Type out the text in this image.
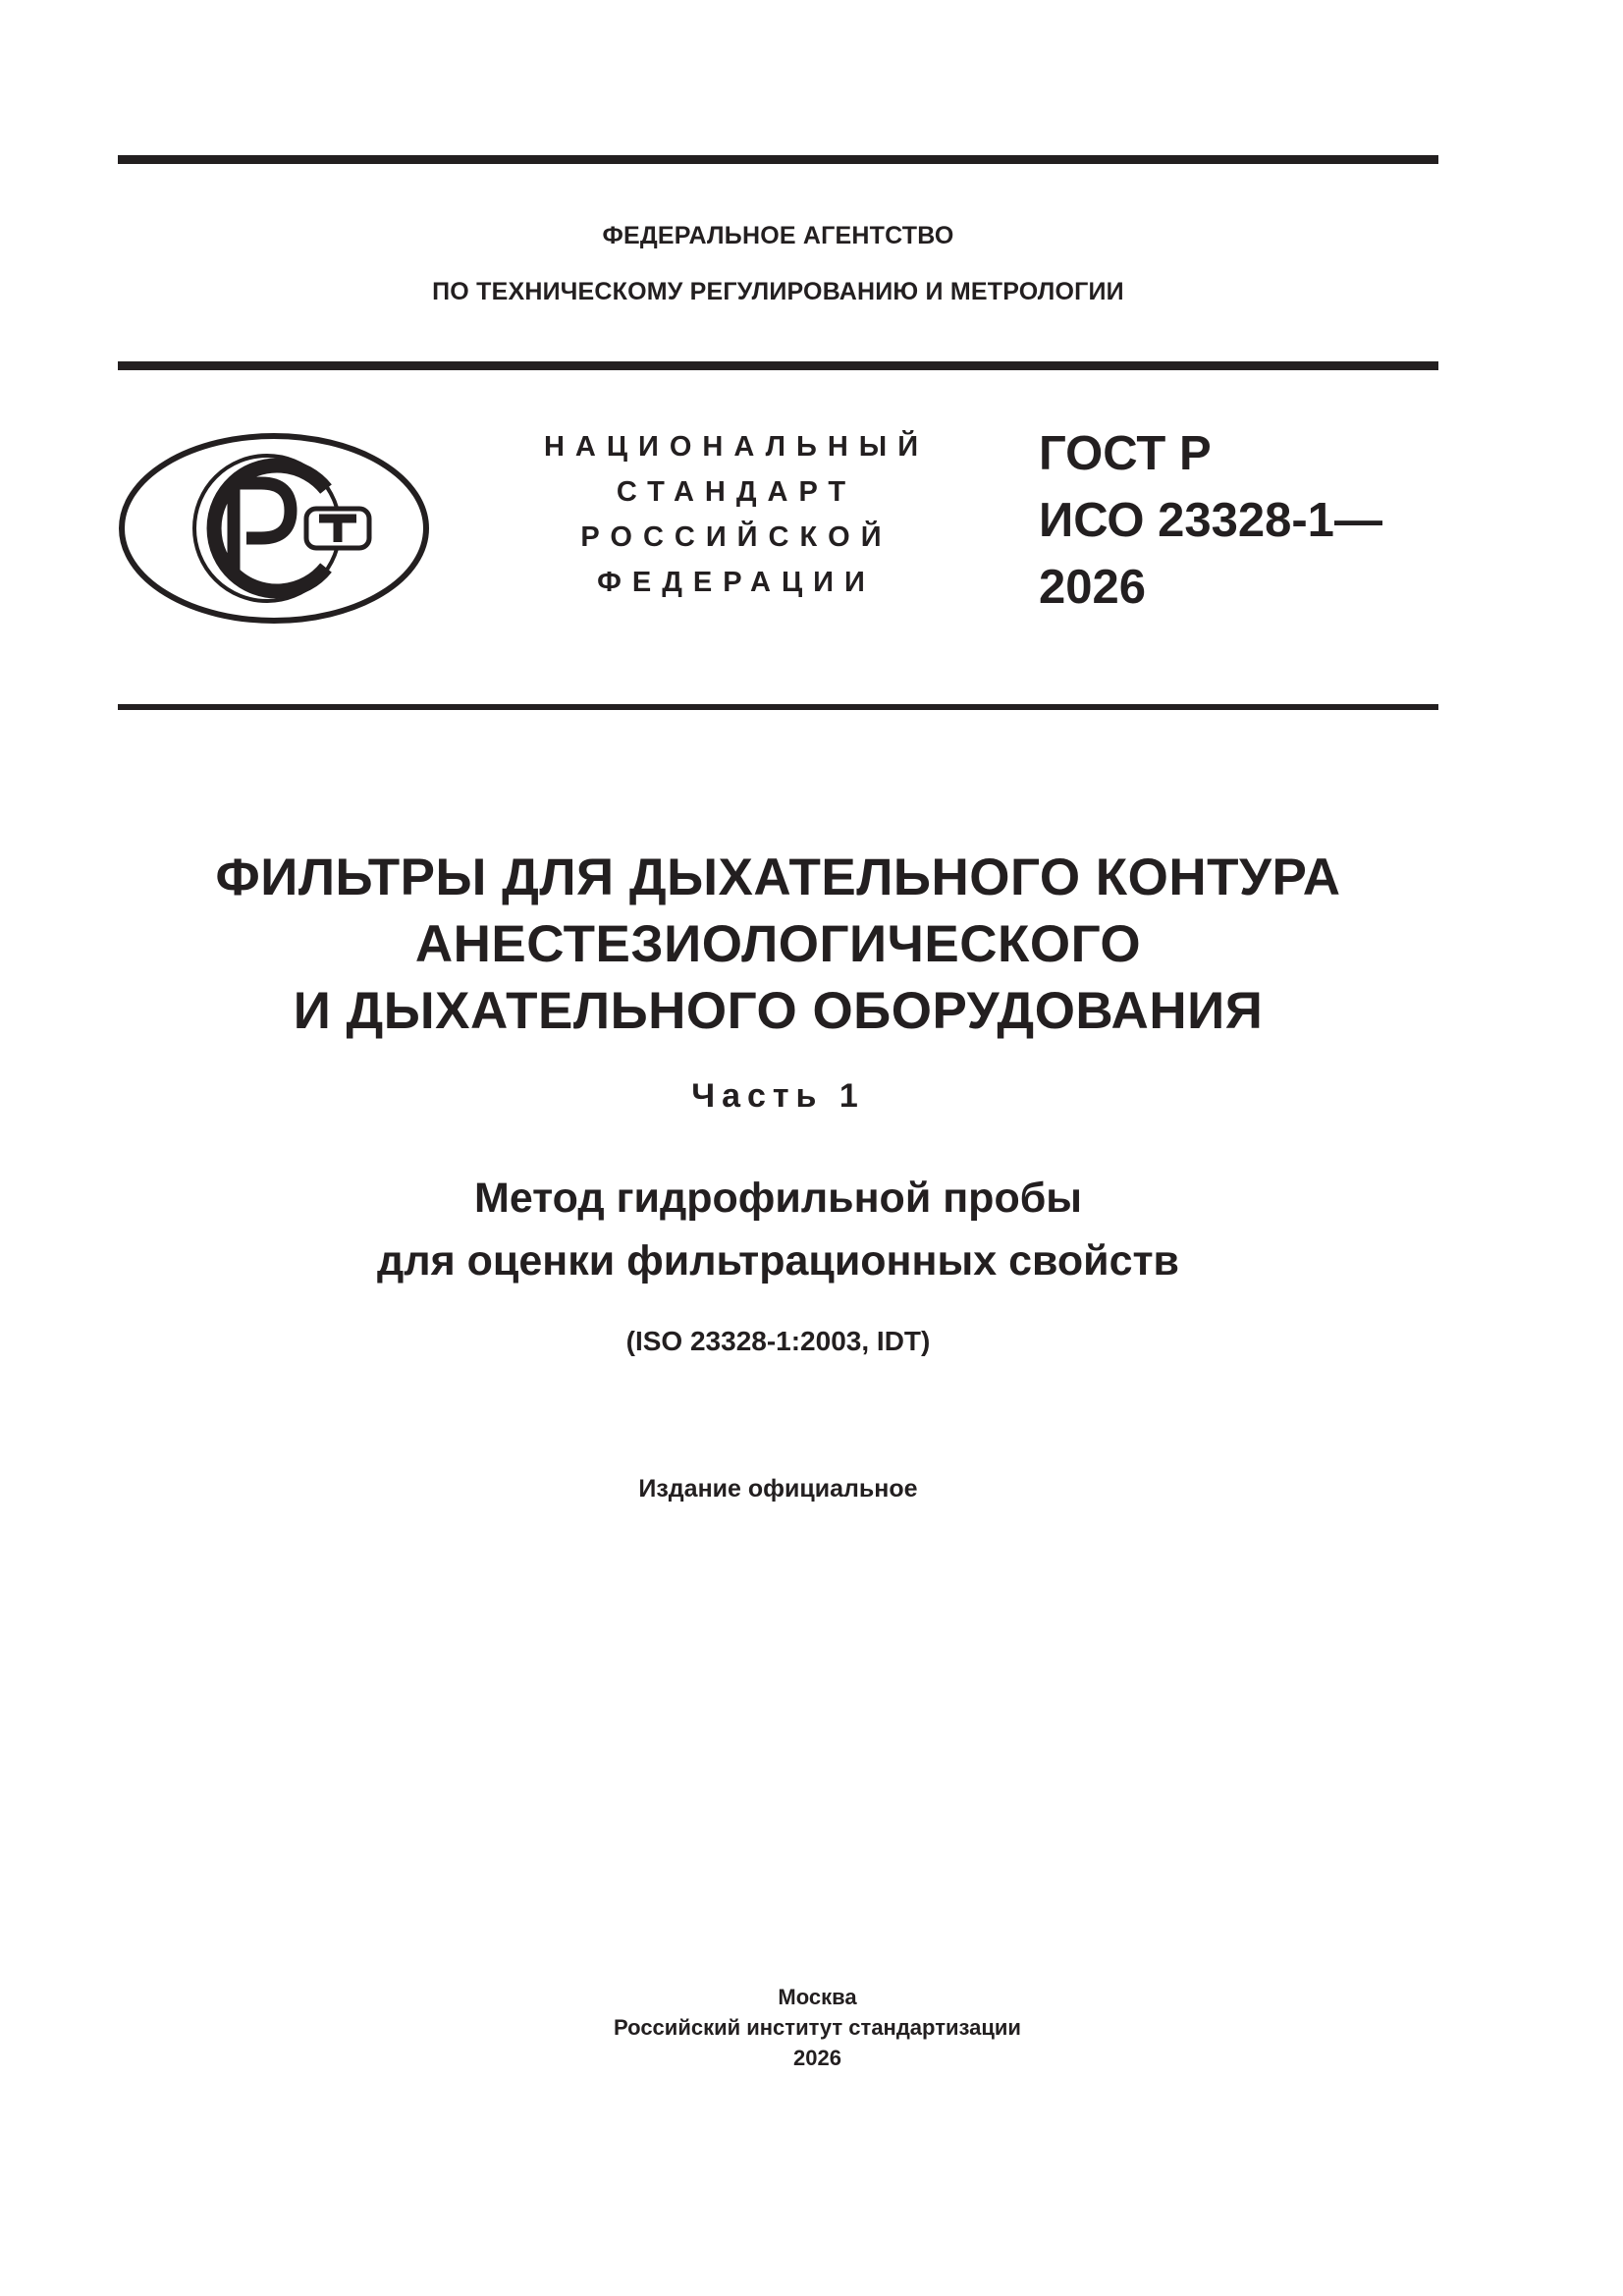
ФЕДЕРАЛЬНОЕ АГЕНТСТВО
ПО ТЕХНИЧЕСКОМУ РЕГУЛИРОВАНИЮ И МЕТРОЛОГИИ
НАЦИОНАЛЬНЫЙ
СТАНДАРТ
РОССИЙСКОЙ
ФЕДЕРАЦИИ
ГОСТ Р
ИСО 23328-1—
2026
ФИЛЬТРЫ ДЛЯ ДЫХАТЕЛЬНОГО КОНТУРА
АНЕСТЕЗИОЛОГИЧЕСКОГО
И ДЫХАТЕЛЬНОГО ОБОРУДОВАНИЯ
Часть 1
Метод гидрофильной пробы
для оценки фильтрационных свойств
(ISO 23328-1:2003, IDT)
Издание официальное
Москва
Российский институт стандартизации
2026
